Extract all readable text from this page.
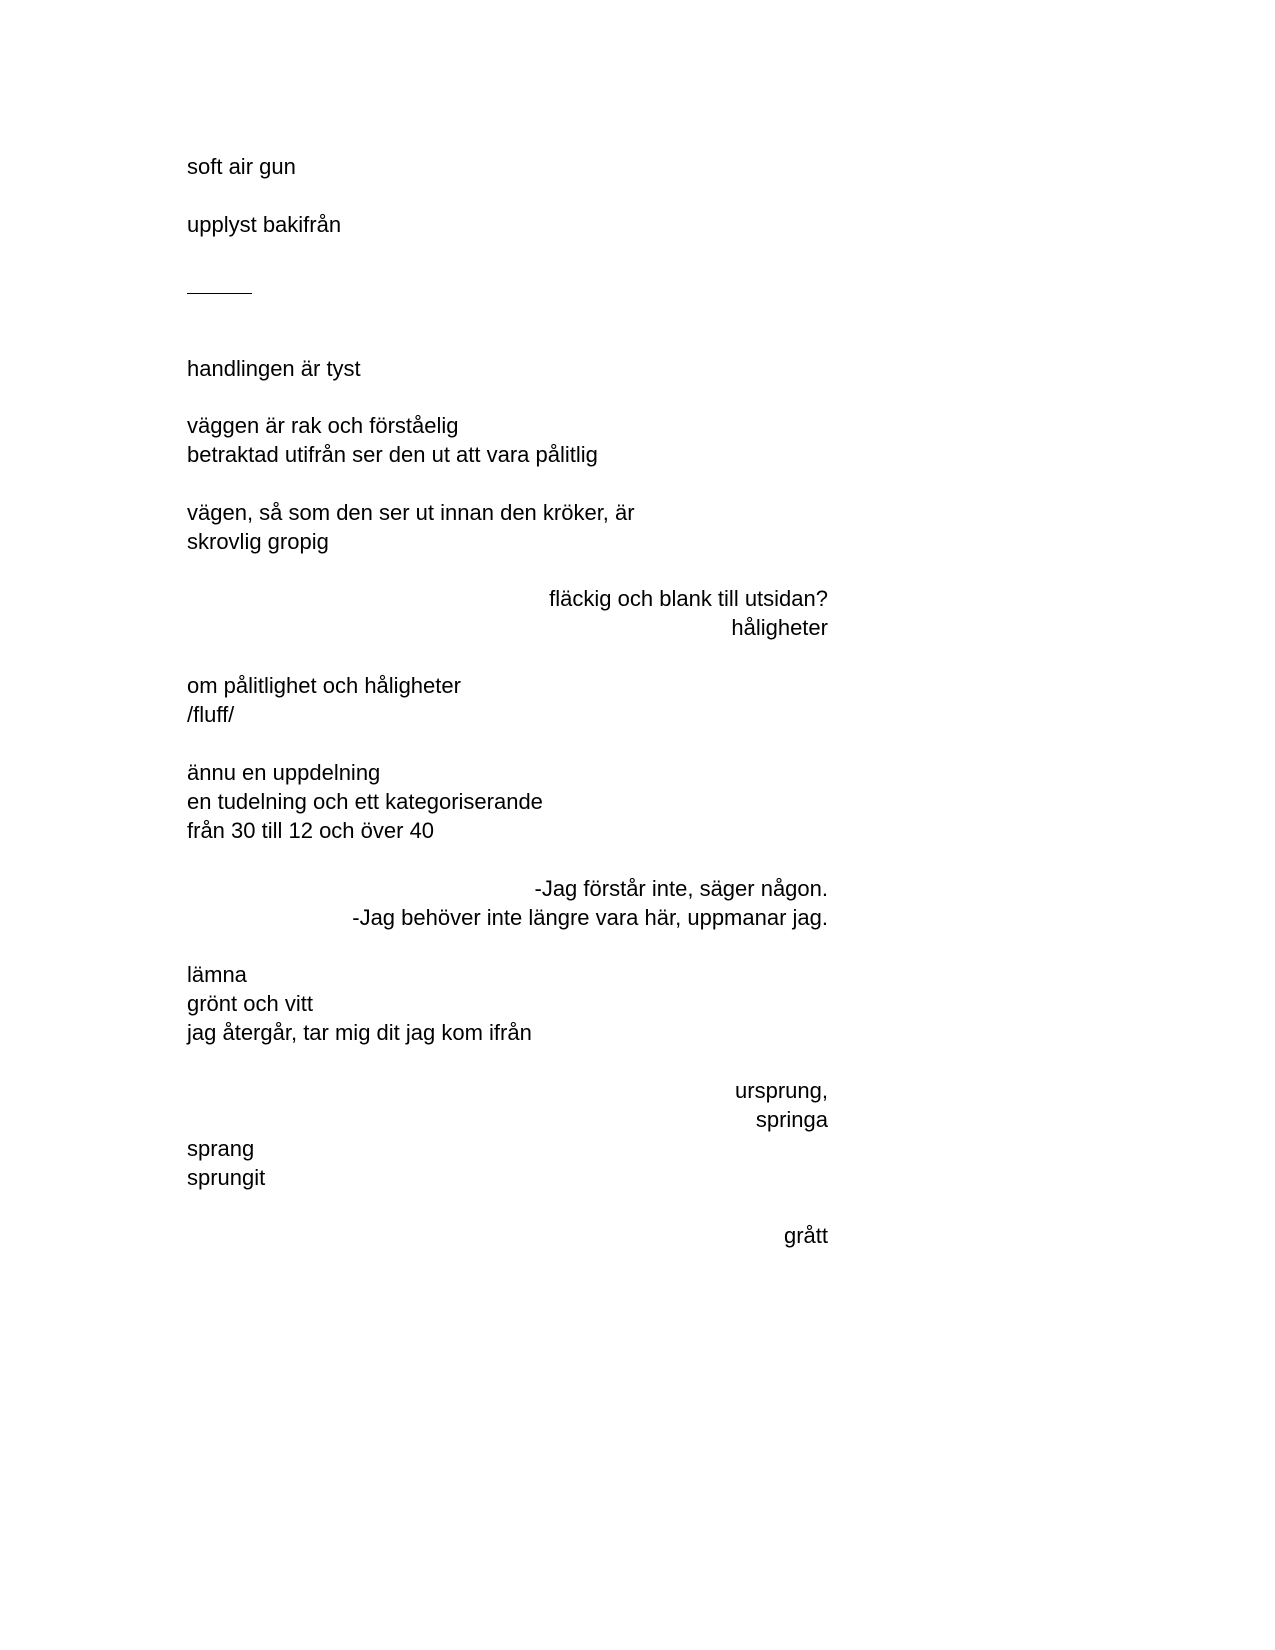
soft air gun
upplyst bakifrån
handlingen är tyst
väggen är rak och förståelig
betraktad utifrån ser den ut att vara pålitlig
vägen, så som den ser ut innan den kröker, är
skrovlig gropig
fläckig och blank till utsidan?
håligheter
om pålitlighet och håligheter
/fluff/
ännu en uppdelning
en tudelning och ett kategoriserande
från 30 till 12 och över 40
-Jag förstår inte, säger någon.
-Jag behöver inte längre vara här, uppmanar jag.
lämna
grönt och vitt
jag återgår, tar mig dit jag kom ifrån
ursprung,
springa
sprang
sprungit
grått
